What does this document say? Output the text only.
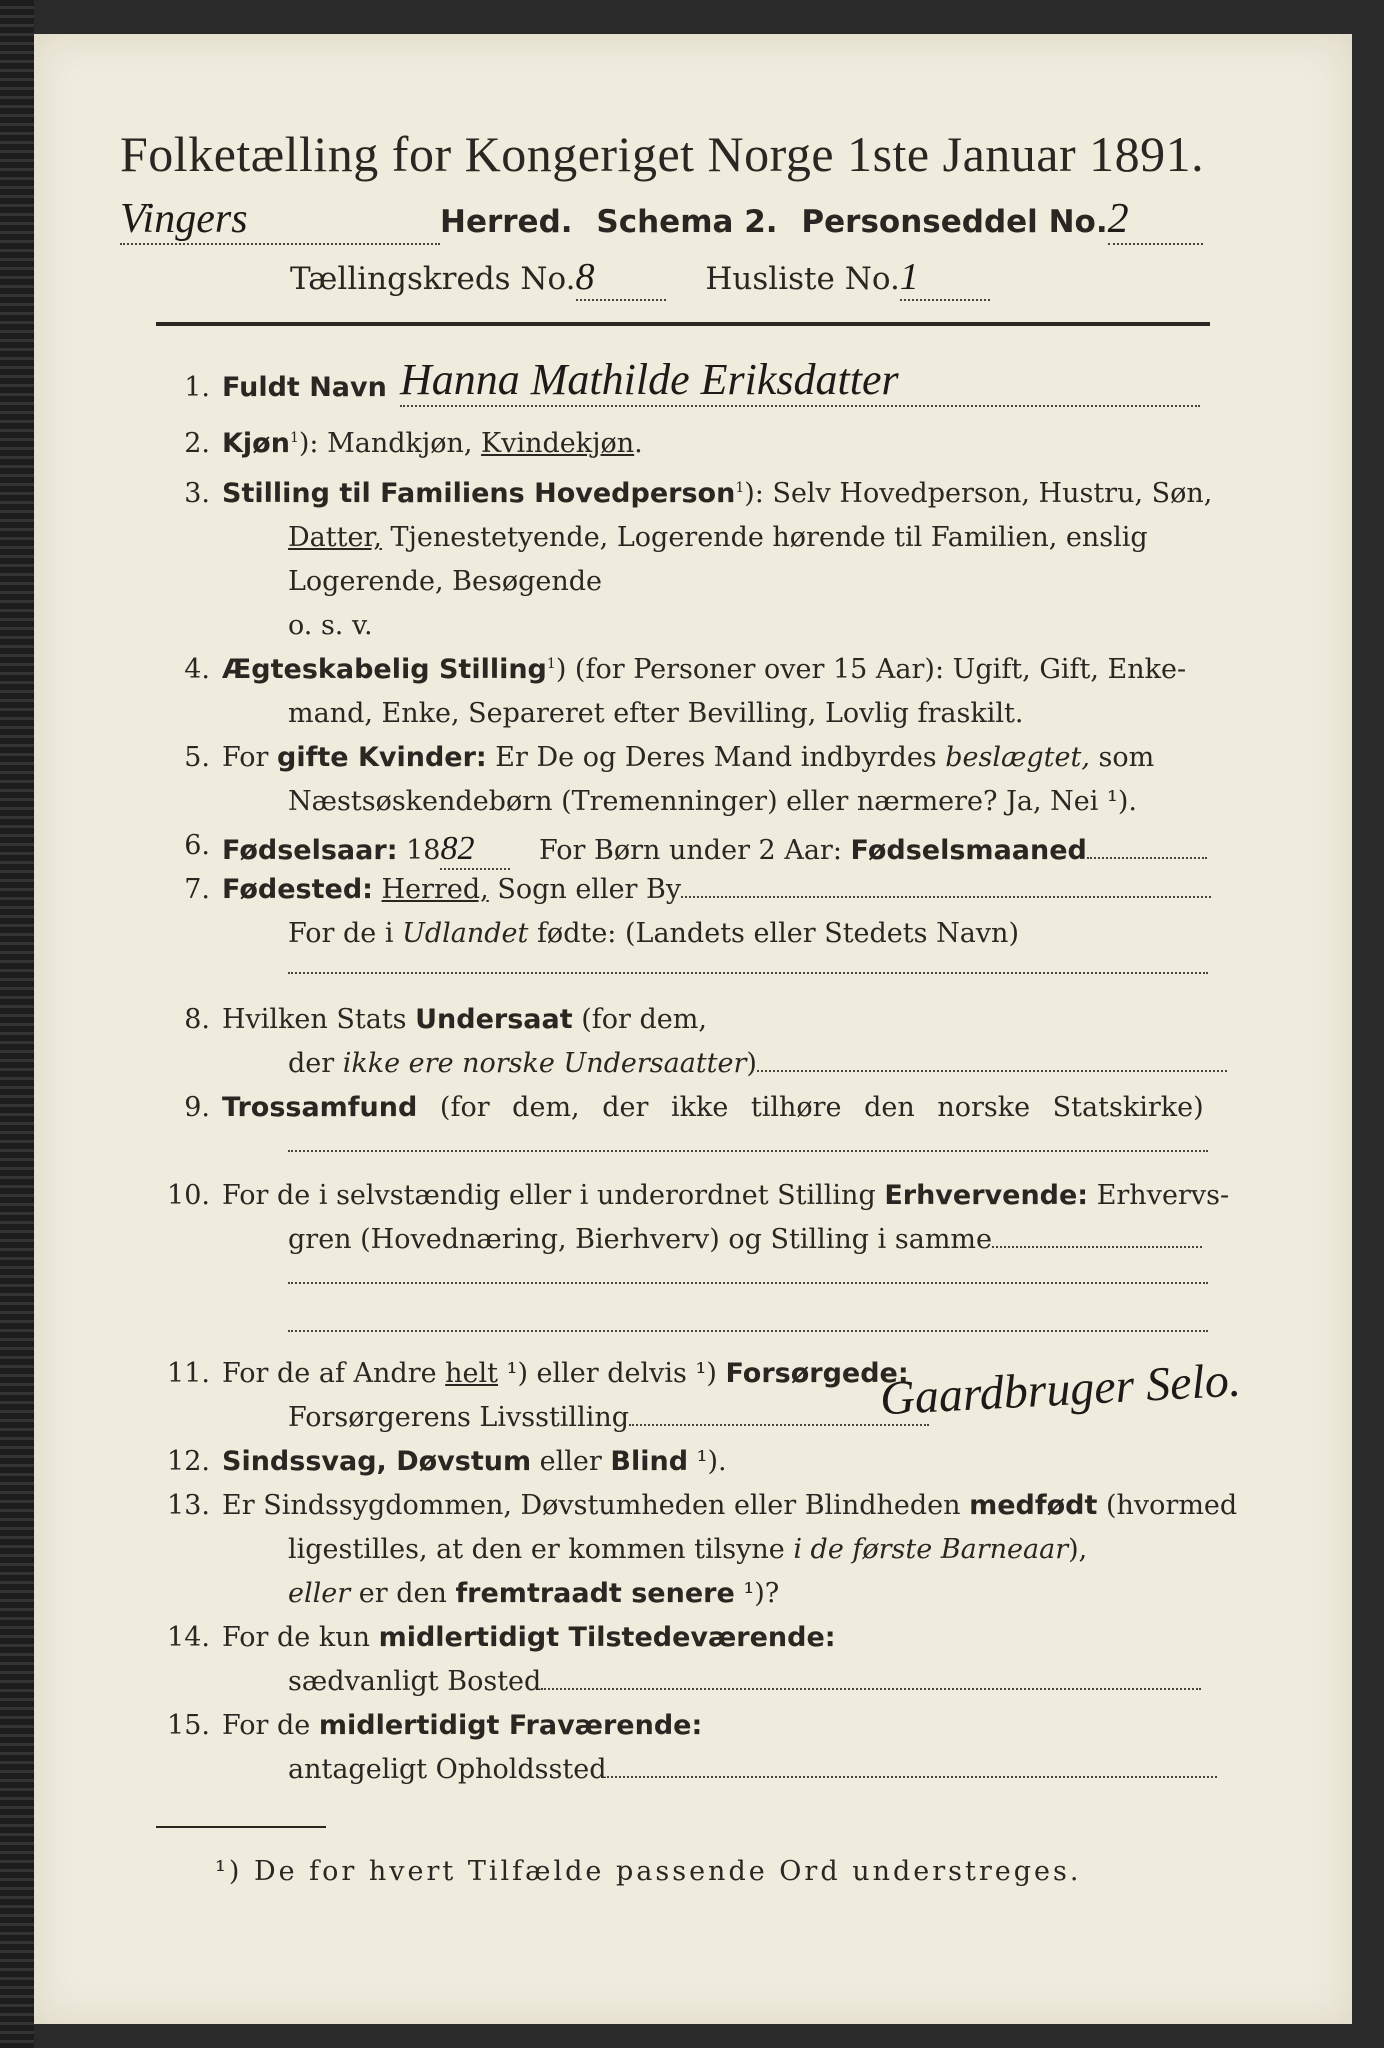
Folketælling for Kongeriget Norge 1ste Januar 1891.
Vingers	Herred. Schema 2. Personseddel No.2
Tællingskreds No.8	Husliste No.1
1. Fuldt Navn Hanna Mathilde Eriksdatter
2. Kjøn$^1$): Mandkjøn, Kvindekjøn.
3. Stilling til Familiens Hovedperson$^1$): Selv Hovedperson, Hustru, Søn,
Datter, Tjenestetyende, Logerende hørende til Familien, enslig
Logerende, Besøgende
o. s. v.
4. Ægteskabelig Stilling$^1$) (for Personer over 15 Aar): Ugift, Gift, Enke-
mand, Enke, Separeret efter Bevilling, Lovlig fraskilt.
5. For gifte Kvinder: Er De og Deres Mand indbyrdes beslægtet, som
Næstsøskendebørn (Tremenninger) eller nærmere? Ja, Nei ¹).
6. Fødselsaar: 1882 For Børn under 2 Aar: Fødselsmaaned
7. Fødested: Herred, Sogn eller By
For de i Udlandet fødte: (Landets eller Stedets Navn)
8. Hvilken Stats Undersaat (for dem,
der ikke ere norske Undersaatter)
9. Trossamfund (for dem, der ikke tilhøre den norske Statskirke)
10. For de i selvstændig eller i underordnet Stilling Erhvervende: Erhvervs-
gren (Hovednæring, Bierhverv) og Stilling i samme
11. For de af Andre helt ¹) eller delvis ¹) Forsørgede:
Forsørgerens Livsstilling	Gaardbruger Selo.
12. Sindssvag, Døvstum eller Blind ¹).
13. Er Sindssygdommen, Døvstumheden eller Blindheden medfødt (hvormed
ligestilles, at den er kommen tilsyne i de første Barneaar),
eller er den fremtraadt senere ¹)?
14. For de kun midlertidigt Tilstedeværende:
sædvanligt Bosted
15. For de midlertidigt Fraværende:
antageligt Opholdssted
¹) De for hvert Tilfælde passende Ord understreges.
